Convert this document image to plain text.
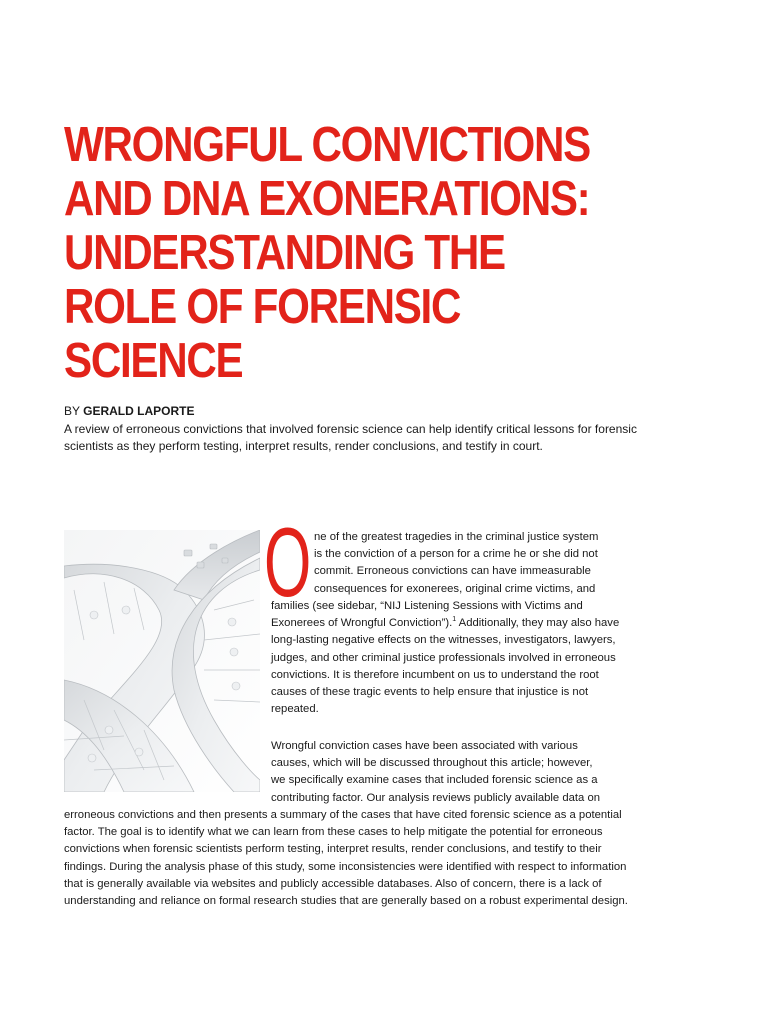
WRONGFUL CONVICTIONS
AND DNA EXONERATIONS:
UNDERSTANDING THE
ROLE OF FORENSIC
SCIENCE
BY GERALD LAPORTE
A review of erroneous convictions that involved forensic science can help identify critical lessons for forensic
scientists as they perform testing, interpret results, render conclusions, and testify in court.
O ne of the greatest tragedies in the criminal justice system
is the conviction of a person for a crime he or she did not
commit. Erroneous convictions can have immeasurable
consequences for exonerees, original crime victims, and
families (see sidebar, “NIJ Listening Sessions with Victims and
Exonerees of Wrongful Conviction”).$^1$ Additionally, they may also have
long-lasting negative effects on the witnesses, investigators, lawyers,
judges, and other criminal justice professionals involved in erroneous
convictions. It is therefore incumbent on us to understand the root
causes of these tragic events to help ensure that injustice is not
repeated.
Wrongful conviction cases have been associated with various
causes, which will be discussed throughout this article; however,
we specifically examine cases that included forensic science as a
contributing factor. Our analysis reviews publicly available data on
erroneous convictions and then presents a summary of the cases that have cited forensic science as a potential
factor. The goal is to identify what we can learn from these cases to help mitigate the potential for erroneous
convictions when forensic scientists perform testing, interpret results, render conclusions, and testify to their
findings. During the analysis phase of this study, some inconsistencies were identified with respect to information
that is generally available via websites and publicly accessible databases. Also of concern, there is a lack of
understanding and reliance on formal research studies that are generally based on a robust experimental design.
